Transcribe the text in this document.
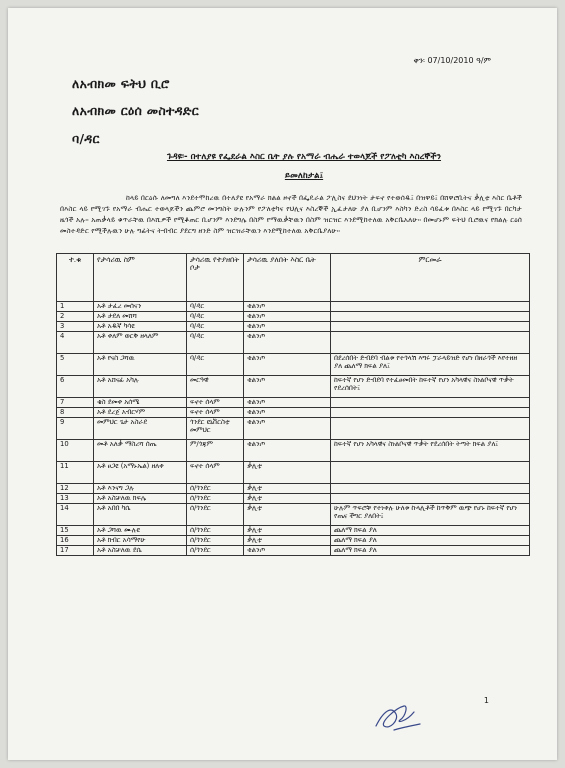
ቀን፡ 07/10/2010 ዓ/ም
ለአብክመ ፍትህ ቢሮ
ለአብክመ ርዕሰ መስተዳድር
ባ/ዳር
ጉዳዩ፡- በተለያዩ የፌደራል እስር ቤት ያሉ የአማራ ብሔራ ተወላጆች የፖለቲካ እስረኞችን
ይመለከታል፤
ከላይ በርዕሱ ለመግለ እንደተሞከረዉ በተለያዩ የአማራ ክልል ዞኖች በፌዴራል ፖሊስና ደህንነት ታፍኖ የተወሰዱ፤ በዝዋይ፤ በሸዋሮቢትና ቃሊቲ እስር ቤቶች በእስር ላይ የሚገኙ የአማራ ብሔር ተወላጆችን ጨምሮ መንግስት ሁሉንም የፖለቲካና የህሊና እስረኞች ኢፈታለሁ ያለ ቢሆንም እስካን ድረስ ሳይፈቱ በእስር ላይ የሚገኙ በርካታ ዜጎች አሉ፡፡ አጠቃላይ ቁጥራቸዉ በእሺዎች የሚቆጠር ቢሆንም እንደግሌ በስም የማዉቃቸዉን በስም ዝርዝር እንደሚከተለዉ አቅርቤአለሁ፡፡ በመሆኑም ፍትህ ቢሮዉና የክልሉ ርዕሰ መስተዳድር የሚችሉዉን ሁሉ ግፊትና ትብብር ያደርግ ዘንድ ስም ዝርዝራቸዉን እንደሚከተለዉ አቅርቤያለሁ፡፡
ተ.ቁ	የታሳሪዉ ስም	ታሳሪዉ የተያዘበት ቦታ	ታሳሪዉ ያለበት እስር ቤት	ምርመራ
1	አቶ ታፈረ መሰናን	ባ/ዳር	ቂልንጦ	
2	አቶ ታደለ መሸሻ	ባ/ዳር	ቂልንጦ	
3	አቶ አዱኛ ካሳዩ	ባ/ዳር	ቂልንጦ	
4	አቶ ቀለም ወርቅ ዘላለም	ባ/ዳር	ቂልንጦ	
5	አቶ የናስ ጋሻዉ	ባ/ዳር	ቂልንጦ	በደረሰበት ድብደባ ብልቱ የተጎላሽ እግሩ ፓራላይዝድ የሆነ በዘራጎች እየተዘዘ ያለ ጨለማ ክፍል ያለ፤
6	አቶ አሸናፊ አካሉ	መርዓዊ	ቂልንጦ	ከፍተኛ የሆነ ድብደባ የተፈፀመበት ከፍተኛ የሆነ አካላዊና ስነልቦናዊ ጥቃት የደረሰበት፤
7	ቄስ ደመቀ አሰሜ	ፍኖተ ሰላም	ቂልንጦ	
8	አቶ ደረጀ አብርሃም	ፍኖተ ሰላም	ቂልንጦ	
9	መምህር ጌታ አስራደ	ጎንደር ዩኒቨርስቲ መምህር	ቂልንጦ	
10	መቶ አለቃ ማስረሻ ሰጤ	ም/ጎጃም	ቂልንጦ	ከፍተኛ የሆነ አካላዊና ስነልቦናዊ ጥቃት የደረሰበት ትጣት ክፍል ያለ፤
11	አቶ ፀጋዩ (አማኑኤል) ዘለቀ	ፍኖተ ሰላም	ቃሊቲ	
12	አቶ እንናግ ጋሉ	ሰ/ጎንደር	ቃሊቲ	
13	አቶ አስቻለዉ ክፍሌ	ሰ/ጎንደር	ቃሊቲ	
14	አቶ አበበ ካሴ	ሰ/ጎንደር	ቃሊቲ	ሁሉም ጥፍሮቹ የተነቀሉ ሁለቱ ኩላሊቶች ከጥቅም ዉጭ የሆኑ ከፍተኛ የሆነ የጤና ችግር ያለበት፤
15	አቶ ጋሻዉ ሙሉዩ	ሰ/ጎንደር	ቃሊቲ	ጨለማ ክፍል ያለ
16	አቶ ክብር አሳማየሁ	ሰ/ጎንደር	ቃሊቲ	ጨለማ ክፍል ያለ
17	አቶ አስቻለዉ ደሴ	ሰ/ጎንደር	ቂልንጦ	ጨለማ ክፍል ያለ
1
